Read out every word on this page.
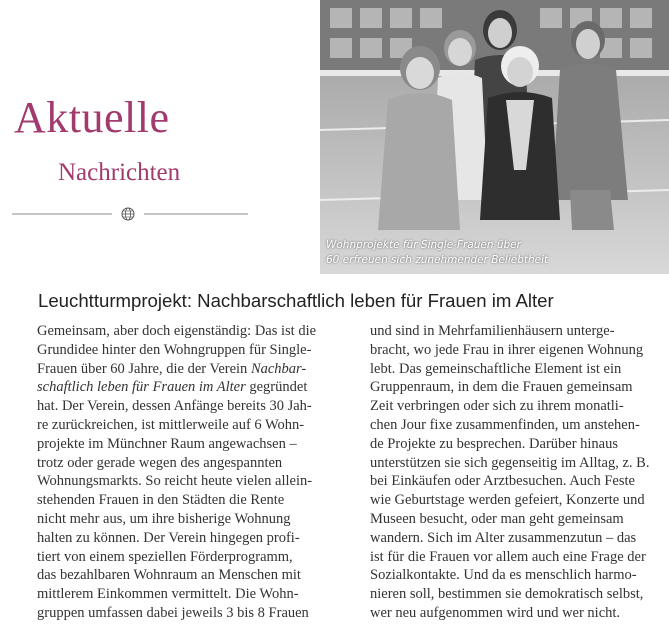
Aktuelle
Nachrichten
Wohnprojekte für Single-Frauen über
60 erfreuen sich zunehmender Beliebtheit
Leuchtturmprojekt: Nachbarschaftlich leben für Frauen im Alter
Gemeinsam, aber doch eigenständig: Das ist die
Grundidee hinter den Wohngruppen für Single-
Frauen über 60 Jahre, die der Verein Nachbar-
schaftlich leben für Frauen im Alter gegründet
hat. Der Verein, dessen Anfänge bereits 30 Jah-
re zurückreichen, ist mittlerweile auf 6 Wohn-
projekte im Münchner Raum angewachsen –
trotz oder gerade wegen des angespannten
Wohnungsmarkts. So reicht heute vielen allein-
stehenden Frauen in den Städten die Rente
nicht mehr aus, um ihre bisherige Wohnung
halten zu können. Der Verein hingegen profi-
tiert von einem speziellen Förderprogramm,
das bezahlbaren Wohnraum an Menschen mit
mittlerem Einkommen vermittelt. Die Wohn-
gruppen umfassen dabei jeweils 3 bis 8 Frauen
und sind in Mehrfamilienhäusern unterge-
bracht, wo jede Frau in ihrer eigenen Wohnung
lebt. Das gemeinschaftliche Element ist ein
Gruppenraum, in dem die Frauen gemeinsam
Zeit verbringen oder sich zu ihrem monatli-
chen Jour fixe zusammenfinden, um anstehen-
de Projekte zu besprechen. Darüber hinaus
unterstützen sie sich gegenseitig im Alltag, z. B.
bei Einkäufen oder Arztbesuchen. Auch Feste
wie Geburtstage werden gefeiert, Konzerte und
Museen besucht, oder man geht gemeinsam
wandern. Sich im Alter zusammenzutun – das
ist für die Frauen vor allem auch eine Frage der
Sozialkontakte. Und da es menschlich harmo-
nieren soll, bestimmen sie demokratisch selbst,
wer neu aufgenommen wird und wer nicht.
